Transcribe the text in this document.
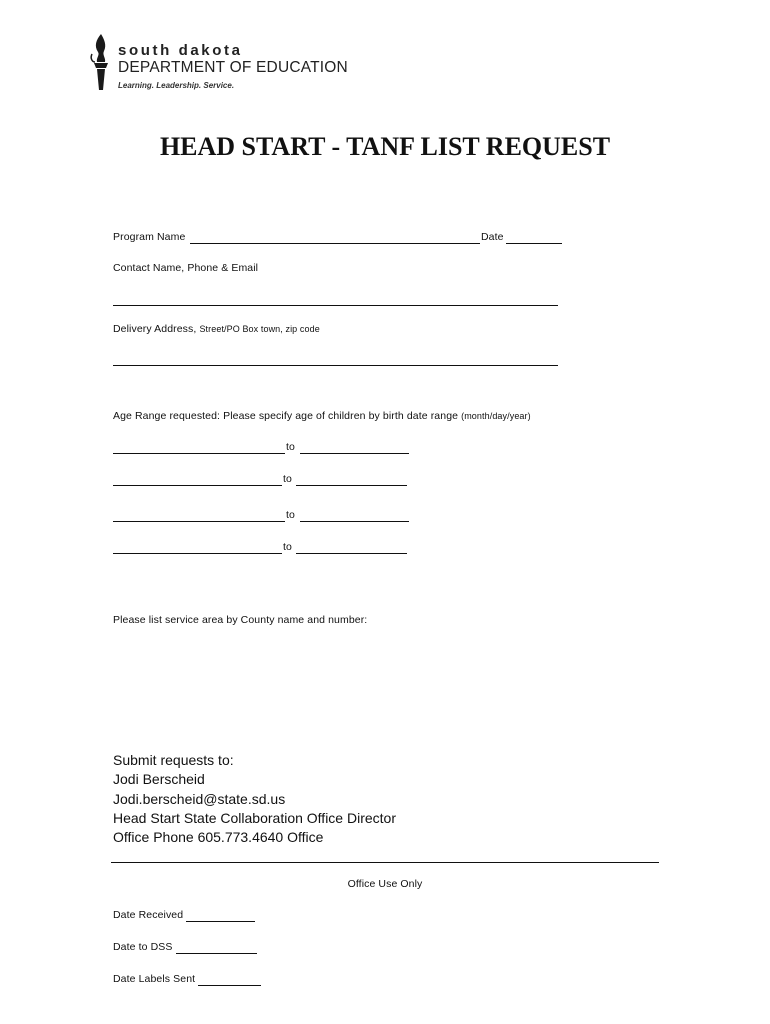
south dakota
DEPARTMENT OF EDUCATION
Learning. Leadership. Service.
HEAD START - TANF LIST REQUEST
Program Name	Date
Contact Name, Phone & Email
Delivery Address, Street/PO Box town, zip code
Age Range requested: Please specify age of children by birth date range (month/day/year)
to
to
to
to
Please list service area by County name and number:
Submit requests to:
Jodi Berscheid
Jodi.berscheid@state.sd.us
Head Start State Collaboration Office Director
Office Phone 605.773.4640 Office
Office Use Only
Date Received
Date to DSS
Date Labels Sent
